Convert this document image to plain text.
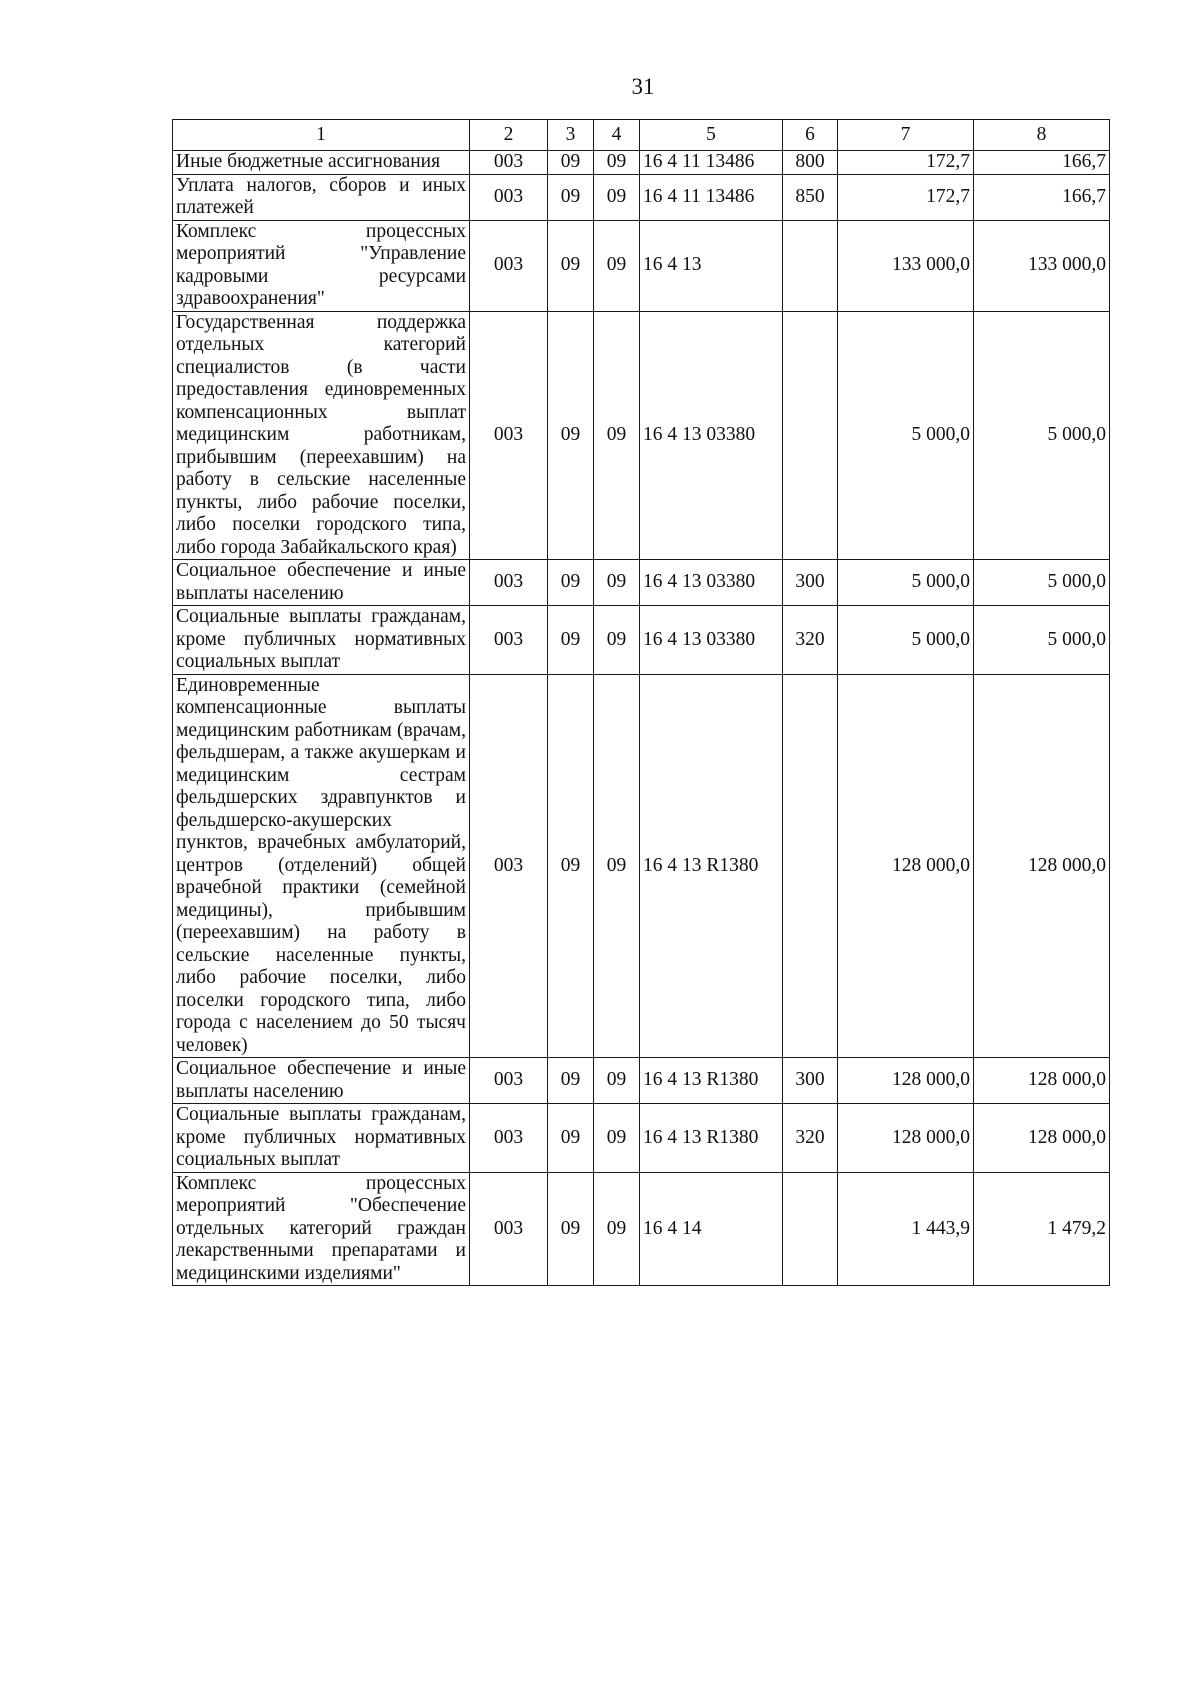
31
1	2	3	4	5	6	7	8
Иные бюджетные ассигнования	003	09	09	16 4 11 13486	800	172,7	166,7
Уплата налогов, сборов и иных платежей	003	09	09	16 4 11 13486	850	172,7	166,7
Комплекс процессных мероприятий "Управление кадровыми ресурсами здравоохранения"	003	09	09	16 4 13		133 000,0	133 000,0
Государственная поддержка отдельных категорий специалистов (в части предоставления единовременных компенсационных выплат медицинским работникам, прибывшим (переехавшим) на работу в сельские населенные пункты, либо рабочие поселки, либо поселки городского типа, либо города Забайкальского края)	003	09	09	16 4 13 03380		5 000,0	5 000,0
Социальное обеспечение и иные выплаты населению	003	09	09	16 4 13 03380	300	5 000,0	5 000,0
Социальные выплаты гражданам, кроме публичных нормативных социальных выплат	003	09	09	16 4 13 03380	320	5 000,0	5 000,0
Единовременные компенсационные выплаты медицинским работникам (врачам, фельдшерам, а также акушеркам и медицинским сестрам фельдшерских здравпунктов и фельдшерско-акушерских пунктов, врачебных амбулаторий, центров (отделений) общей врачебной практики (семейной медицины), прибывшим (переехавшим) на работу в сельские населенные пункты, либо рабочие поселки, либо поселки городского типа, либо города с населением до 50 тысяч человек)	003	09	09	16 4 13 R1380		128 000,0	128 000,0
Социальное обеспечение и иные выплаты населению	003	09	09	16 4 13 R1380	300	128 000,0	128 000,0
Социальные выплаты гражданам, кроме публичных нормативных социальных выплат	003	09	09	16 4 13 R1380	320	128 000,0	128 000,0
Комплекс процессных мероприятий "Обеспечение отдельных категорий граждан лекарственными препаратами и медицинскими изделиями"	003	09	09	16 4 14		1 443,9	1 479,2
